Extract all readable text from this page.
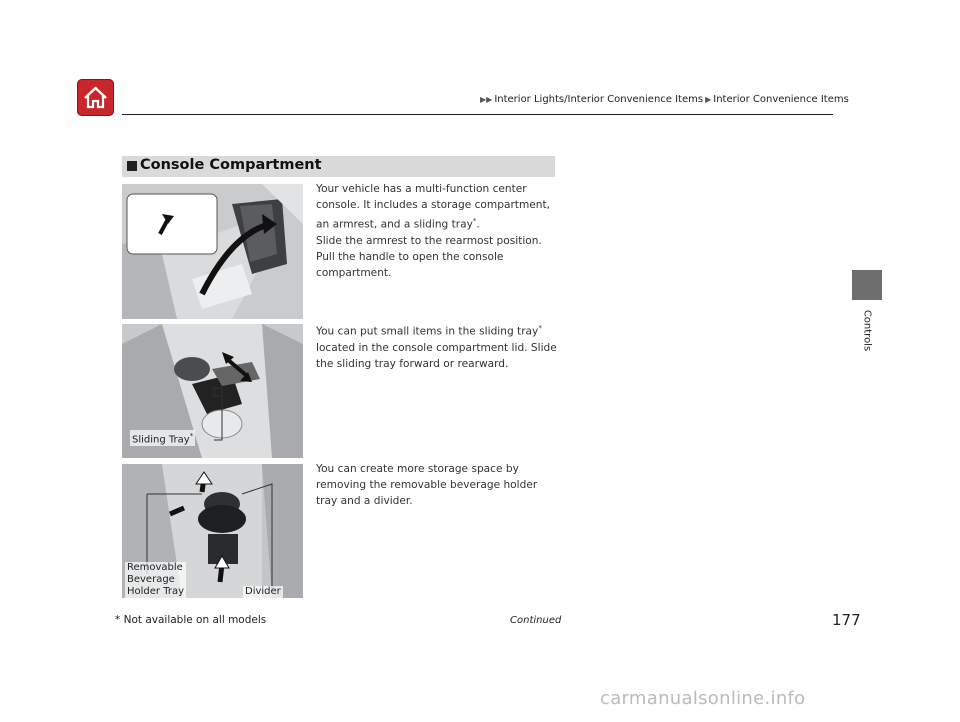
▶▶ Interior Lights/Interior Convenience Items ▶ Interior Convenience Items
Controls
Console Compartment
Sliding Tray*
Removable
Beverage
Holder Tray	Divider
Your vehicle has a multi-function center console. It includes a storage compartment, an armrest, and a sliding tray*.
Slide the armrest to the rearmost position. Pull the handle to open the console compartment.
You can put small items in the sliding tray* located in the console compartment lid. Slide the sliding tray forward or rearward.
You can create more storage space by removing the removable beverage holder tray and a divider.
* Not available on all models	Continued	177
carmanualsonline.info
